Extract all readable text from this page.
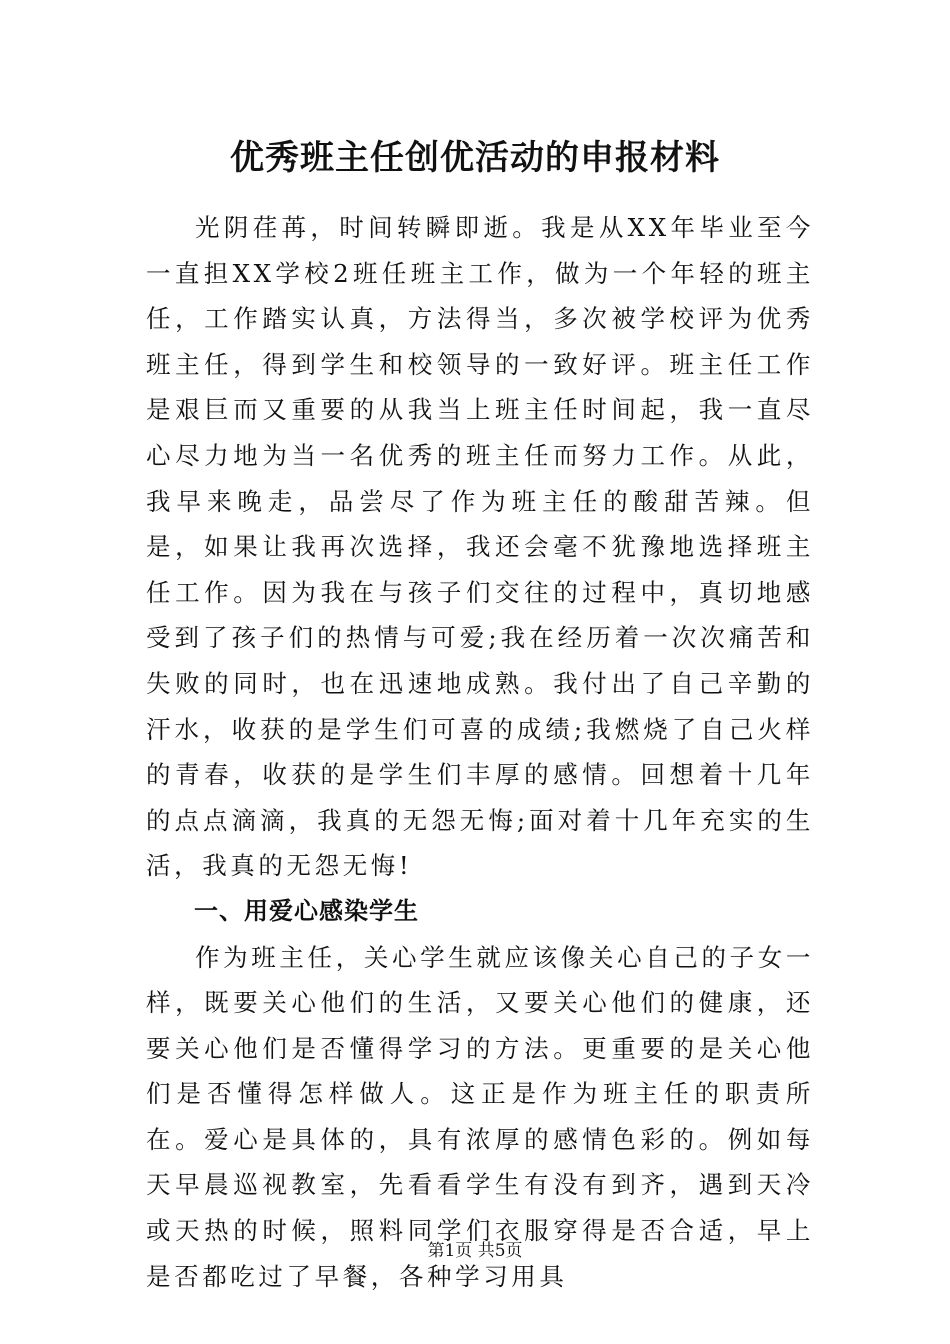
优秀班主任创优活动的申报材料

光阴荏苒，时间转瞬即逝。我是从XX年毕业至今一直担XX学校2班任班主工作，做为一个年轻的班主任，工作踏实认真，方法得当，多次被学校评为优秀班主任，得到学生和校领导的一致好评。班主任工作是艰巨而又重要的从我当上班主任时间起，我一直尽心尽力地为当一名优秀的班主任而努力工作。从此，我早来晚走，品尝尽了作为班主任的酸甜苦辣。但是，如果让我再次选择，我还会毫不犹豫地选择班主任工作。因为我在与孩子们交往的过程中，真切地感受到了孩子们的热情与可爱;我在经历着一次次痛苦和失败的同时，也在迅速地成熟。我付出了自己辛勤的汗水，收获的是学生们可喜的成绩;我燃烧了自己火样的青春，收获的是学生们丰厚的感情。回想着十几年的点点滴滴，我真的无怨无悔;面对着十几年充实的生活，我真的无怨无悔!

一、用爱心感染学生

作为班主任，关心学生就应该像关心自己的子女一样，既要关心他们的生活，又要关心他们的健康，还要关心他们是否懂得学习的方法。更重要的是关心他们是否懂得怎样做人。这正是作为班主任的职责所在。爱心是具体的，具有浓厚的感情色彩的。例如每天早晨巡视教室，先看看学生有没有到齐，遇到天冷或天热的时候，照料同学们衣服穿得是否合适，早上是否都吃过了早餐，各种学习用具

第1页 共5页
